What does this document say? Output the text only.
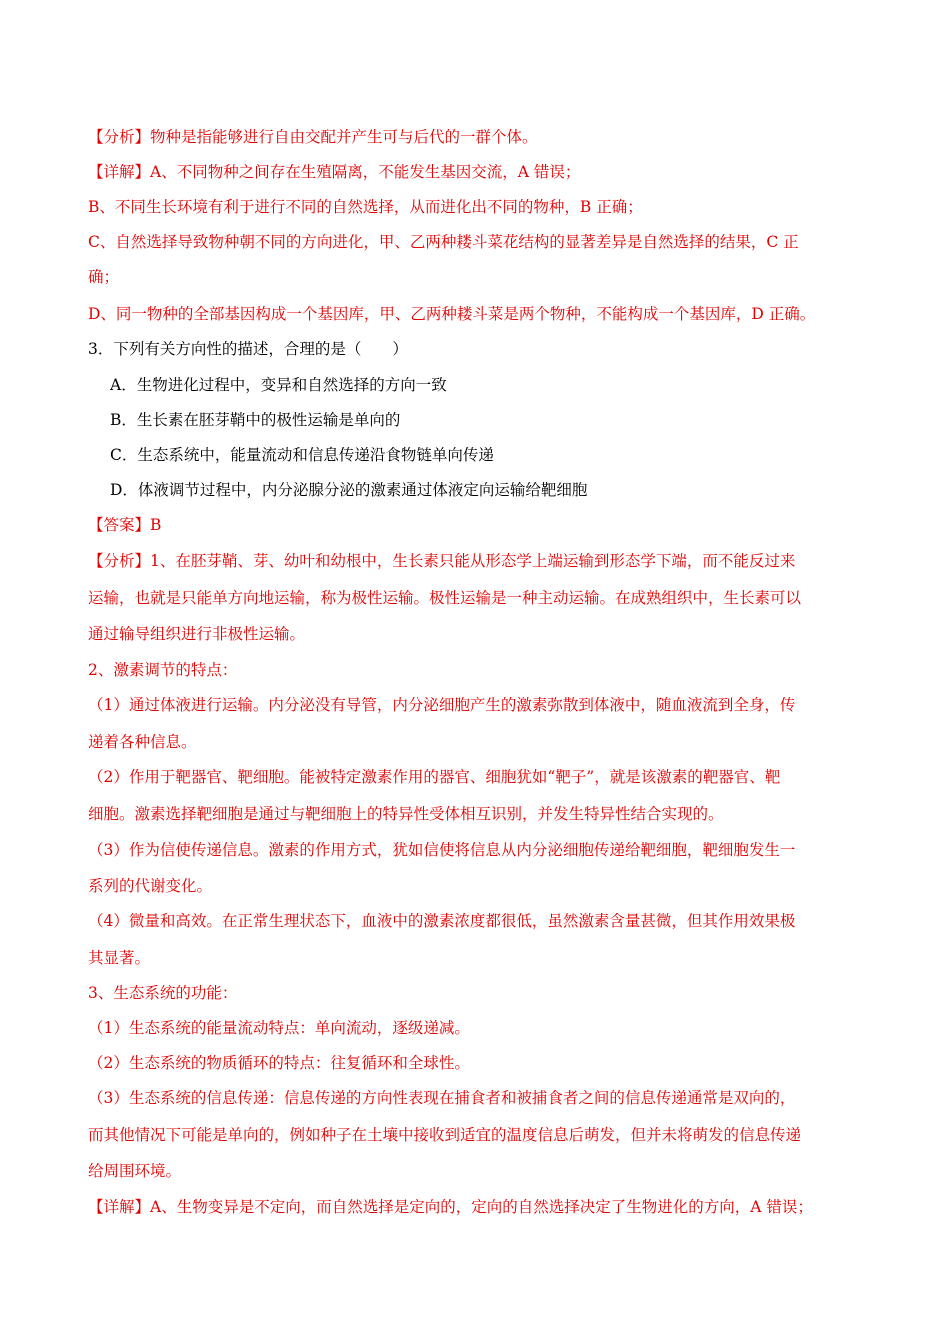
【分析】物种是指能够进行自由交配并产生可与后代的一群个体。
【详解】A、不同物种之间存在生殖隔离，不能发生基因交流，A 错误；
B、不同生长环境有利于进行不同的自然选择，从而进化出不同的物种，B 正确；
C、自然选择导致物种朝不同的方向进化，甲、乙两种耧斗菜花结构的显著差异是自然选择的结果，C 正
确；
D、同一物种的全部基因构成一个基因库，甲、乙两种耧斗菜是两个物种，不能构成一个基因库，D 正确。
3．下列有关方向性的描述，合理的是（　　）
A．生物进化过程中，变异和自然选择的方向一致
B．生长素在胚芽鞘中的极性运输是单向的
C．生态系统中，能量流动和信息传递沿食物链单向传递
D．体液调节过程中，内分泌腺分泌的激素通过体液定向运输给靶细胞
【答案】B
【分析】1、在胚芽鞘、芽、幼叶和幼根中，生长素只能从形态学上端运输到形态学下端，而不能反过来
运输，也就是只能单方向地运输，称为极性运输。极性运输是一种主动运输。在成熟组织中，生长素可以
通过输导组织进行非极性运输。
2、激素调节的特点：
（1）通过体液进行运输。内分泌没有导管，内分泌细胞产生的激素弥散到体液中，随血液流到全身，传
递着各种信息。
（2）作用于靶器官、靶细胞。能被特定激素作用的器官、细胞犹如“靶子”，就是该激素的靶器官、靶
细胞。激素选择靶细胞是通过与靶细胞上的特异性受体相互识别，并发生特异性结合实现的。
（3）作为信使传递信息。激素的作用方式，犹如信使将信息从内分泌细胞传递给靶细胞，靶细胞发生一
系列的代谢变化。
（4）微量和高效。在正常生理状态下，血液中的激素浓度都很低，虽然激素含量甚微，但其作用效果极
其显著。
3、生态系统的功能：
（1）生态系统的能量流动特点：单向流动，逐级递减。
（2）生态系统的物质循环的特点：往复循环和全球性。
（3）生态系统的信息传递：信息传递的方向性表现在捕食者和被捕食者之间的信息传递通常是双向的，
而其他情况下可能是单向的，例如种子在土壤中接收到适宜的温度信息后萌发，但并未将萌发的信息传递
给周围环境。
【详解】A、生物变异是不定向，而自然选择是定向的，定向的自然选择决定了生物进化的方向，A 错误；
